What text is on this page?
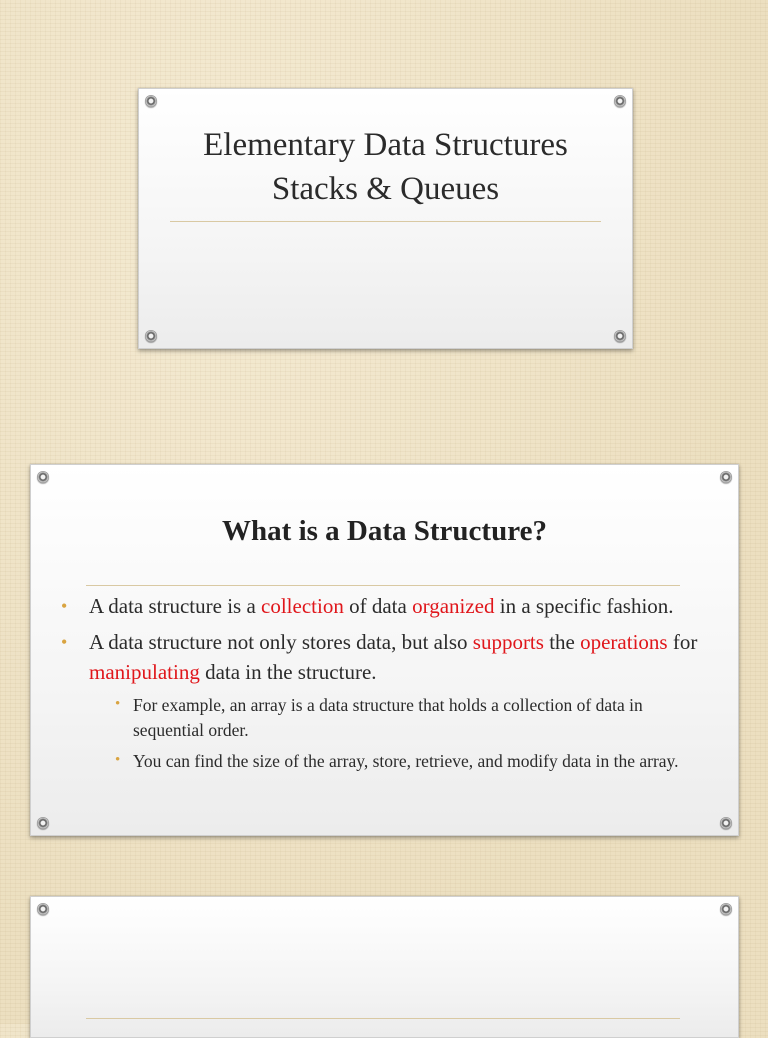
Elementary Data Structures
Stacks & Queues
What is a Data Structure?
• A data structure is a collection of data organized in a specific fashion.
• A data structure not only stores data, but also supports the operations for manipulating data in the structure.
• For example, an array is a data structure that holds a collection of data in sequential order.
• You can find the size of the array, store, retrieve, and modify data in the array.
